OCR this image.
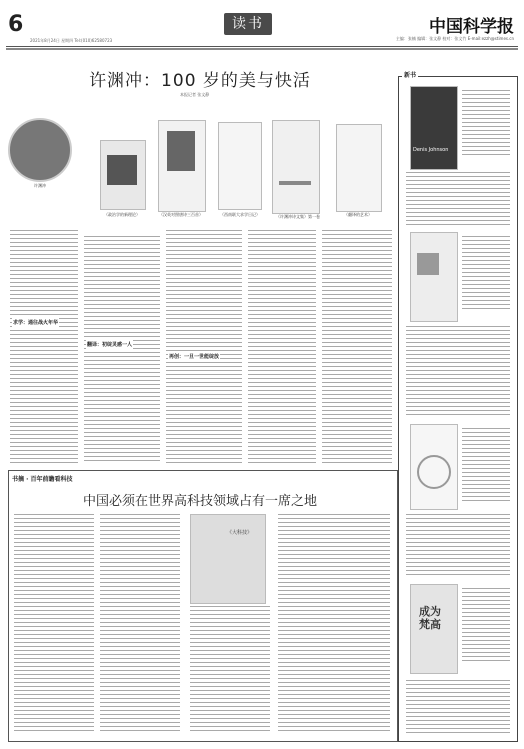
6
2021年8月24日 星期四 Tel:(010)62580723
读书	中国科学报
主编：张楠 编辑：张文静 校对：张文竹 E-mail:ezzh@stimes.cn
许渊冲：100 岁的美与快活
本报记者 张文静
许渊冲
（政治学的新理论）	（汉英对照唐诗三百首）	（西南联大求学日记）	（许渊冲诗文集）第一卷	（翻译的艺术）
求学：通往战火年华
翻译：初绽灵感一人
再创：一旦一世能绽放
书摘 · 百年前瞻看科技
中国必须在世界高科技领域占有一席之地
《大科技》
新书
Denis Johnson
成为梵高
